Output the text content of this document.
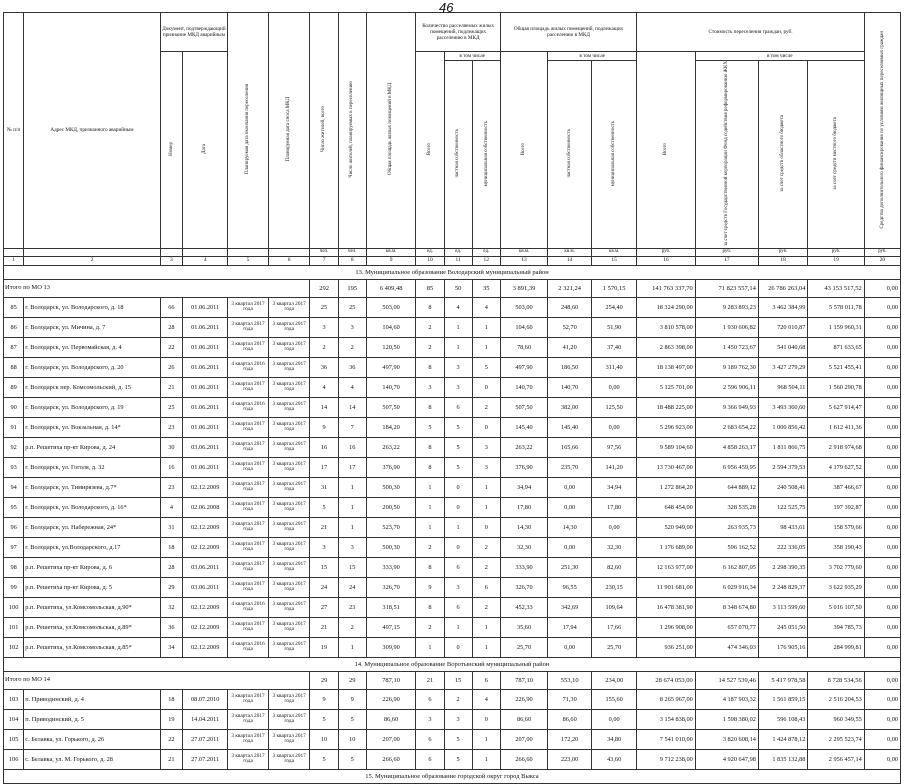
46
№ п/п	Адрес МКД, признанного аварийным	Документ, подтверждающий признание МКД аварийным		Планируемая дата окончания переселения	Планируемая дата сноса МКД	Число жителей, всего	Число жителей, планируемых к переселению	Общая площадь жилых помещений в МКД	Количество расселяемых жилых помещений, подлежащих расселению в МКД			Общая площадь жилых помещений, подлежащих расселению в МКД			Стоимость переселения граждан, руб.				Средства дополнительного финансирования по условиям жилищных переселяемых граждан
		Номер	Дата						Всего	в том числе		Всего	в том числе		Всего	в том числе			
										частная собственность	муниципальная собственность		частная собственность	муниципальная собственность		за счет средств Государственной корпорации Фонд содействия реформированию ЖКХ	за счет средств областного бюджета	за счет средств местного бюджета	
						чел.	чел.	кв.м.	ед.	ед.	ед.	кв.м.	кв.м.	кв.м.	руб.	руб.	руб.	руб.	руб.
1	2	3	4	5	6	7	8	9	10	11	12	13	14	15	16	17	18	19	20
13. Муниципальное образование Володарский муниципальный район																			
Итого по МО 13						292	195	6 409,48	85	50	35	3 891,39	2 321,24	1 570,15	141 763 337,70	71 823 557,14	26 786 263,04	43 153 517,52	0,00
85	г. Володарск, ул. Володарского, д. 18	66	01.06.2011	3 квартал 2017 года	3 квартал 2017 года	25	25	503,00	8	4	4	503,00	248,60	254,40	18 324 290,00	9 283 893,23	3 462 384,99	5 578 011,78	0,00
86	г. Володарск, ул. Мичина, д. 7	28	01.06.2011	3 квартал 2017 года	3 квартал 2017 года	3	3	104,60	2	1	1	104,60	52,70	51,90	3 810 578,00	1 930 606,82	720 010,87	1 159 960,31	0,00
87	г. Володарск, ул. Первомайская, д. 4	22	01.06.2011	3 квартал 2017 года	3 квартал 2017 года	2	2	120,50	2	1	1	78,60	41,20	37,40	2 863 398,00	1 450 723,67	541 040,68	871 633,65	0,00
88	г. Володарск, ул. Володарского, д. 20	26	01.06.2011	4 квартал 2016 года	3 квартал 2017 года	36	36	497,90	8	3	5	497,90	186,50	311,40	18 138 497,00	9 189 762,30	3 427 279,29	5 521 455,41	0,00
89	г. Володарск пер. Комсомольский, д. 15	21	01.06.2011	3 квартал 2017 года	3 квартал 2017 года	4	4	140,70	3	3	0	140,70	140,70	0,00	5 125 701,00	2 596 906,11	968 504,11	1 560 290,78	0,00
90	г. Володарск, ул. Володарского, д. 19	25	01.06.2011	4 квартал 2016 года	3 квартал 2017 года	14	14	507,50	8	6	2	507,50	382,00	125,50	18 488 225,00	9 366 949,93	3 493 360,60	5 627 914,47	0,00
91	г. Володарск, ул. Вокзальная, д. 14*	23	01.06.2011	3 квартал 2017 года	3 квартал 2017 года	9	7	184,20	5	5	0	145,40	145,40	0,00	5 296 923,00	2 683 654,22	1 000 856,42	1 612 411,36	0,00
92	р.п. Решетиха пр-кт Кирова, д. 24	30	03.06.2011	3 квартал 2017 года	3 квартал 2017 года	16	16	263,22	8	5	3	263,22	165,66	97,56	9 589 104,60	4 858 263,17	1 811 866,75	2 918 974,68	0,00
93	г. Володарск, ул. Гоголя, д. 32	16	01.06.2011	3 квартал 2017 года	3 квартал 2017 года	17	17	376,90	8	5	3	376,90	235,70	141,20	13 730 467,00	6 956 459,95	2 594 379,53	4 179 627,52	0,00
94	г. Володарск, ул. Тимирязева, д.7*	23	02.12.2009	3 квартал 2017 года	3 квартал 2017 года	31	1	500,30	1	0	1	34,94	0,00	34,94	1 272 864,20	644 889,12	240 508,41	387 466,67	0,00
95	г. Володарск, ул. Володарского, д. 16*	4	02.06.2008	3 квартал 2017 года	3 квартал 2017 года	5	1	200,50	1	0	1	17,80	0,00	17,80	648 454,00	328 535,28	122 525,75	197 392,87	0,00
96	г. Володарск, ул. Набережная, 24*	31	02.12.2009	3 квартал 2017 года	3 квартал 2017 года	21	1	523,70	1	1	0	14,30	14,30	0,00	520 949,00	263 935,73	98 433,61	158 579,66	0,00
97	г. Володарск, ул.Володарского, д.17	18	02.12.2009	3 квартал 2017 года	3 квартал 2017 года	3	3	500,30	2	0	2	32,30	0,00	32,30	1 176 689,00	596 162,52	222 336,05	358 190,43	0,00
98	р.п. Решетиха пр-кт Кирова, д. 6	28	03.06.2011	3 квартал 2017 года	3 квартал 2017 года	15	15	333,90	8	6	2	333,90	251,30	82,60	12 163 977,00	6 162 807,05	2 298 390,35	3 702 779,60	0,00
99	р.п. Решетиха пр-кт Кирова, д. 5	29	03.06.2011	3 квартал 2017 года	3 квартал 2017 года	24	24	326,70	9	3	6	326,70	96,55	230,15	11 901 681,00	6 029 916,34	2 248 829,37	3 622 935,29	0,00
100	р.п. Решетиха, ул.Комсомольская, д.90*	32	02.12.2009	4 квартал 2016 года	3 квартал 2017 года	27	23	318,51	8	6	2	452,33	342,69	109,64	16 478 381,90	8 348 674,80	3 113 599,60	5 016 107,50	0,00
101	р.п. Решетиха, ул.Комсомольская, д.89*	36	02.12.2009	3 квартал 2017 года	3 квартал 2017 года	21	2	497,15	2	1	1	35,60	17,94	17,66	1 296 908,00	657 070,77	245 051,50	394 785,73	0,00
102	р.п. Решетиха, ул.Комсомольская, д.85*	34	02.12.2009	4 квартал 2016 года	3 квартал 2017 года	19	1	309,90	1	0	1	25,70	0,00	25,70	936 251,00	474 346,03	176 905,16	284 999,81	0,00
14. Муниципальное образование Воротынский муниципальный район																			
Итого по МО 14						29	29	787,10	21	15	6	787,10	553,10	234,00	28 674 053,00	14 527 539,46	5 417 978,58	8 728 534,56	0,00
103	п. Приводинский, д. 4	18	08.07.2010	3 квартал 2017 года	3 квартал 2017 года	9	9	226,90	6	2	4	226,90	71,30	155,60	8 265 967,00	4 187 903,32	1 561 859,15	2 516 204,53	0,00
104	п. Приводинский, д. 5	19	14.04.2011	3 квартал 2017 года	3 квартал 2017 года	5	5	86,60	3	3	0	86,60	86,60	0,00	3 154 838,00	1 598 380,02	596 108,43	960 349,55	0,00
105	с. Белавка, ул. Горького, д. 26	22	27.07.2011	3 квартал 2017 года	3 квартал 2017 года	10	10	207,00	6	5	1	207,00	172,20	34,80	7 541 010,00	3 820 608,14	1 424 878,12	2 295 523,74	0,00
106	с. Белавка, ул. М. Горького, д. 28	21	27.07.2011	3 квартал 2017 года	3 квартал 2017 года	5	5	266,60	6	5	1	266,60	223,00	43,60	9 712 238,00	4 920 647,98	1 835 132,88	2 956 457,14	0,00
15. Муниципальное образование городской округ город Выкса																			
